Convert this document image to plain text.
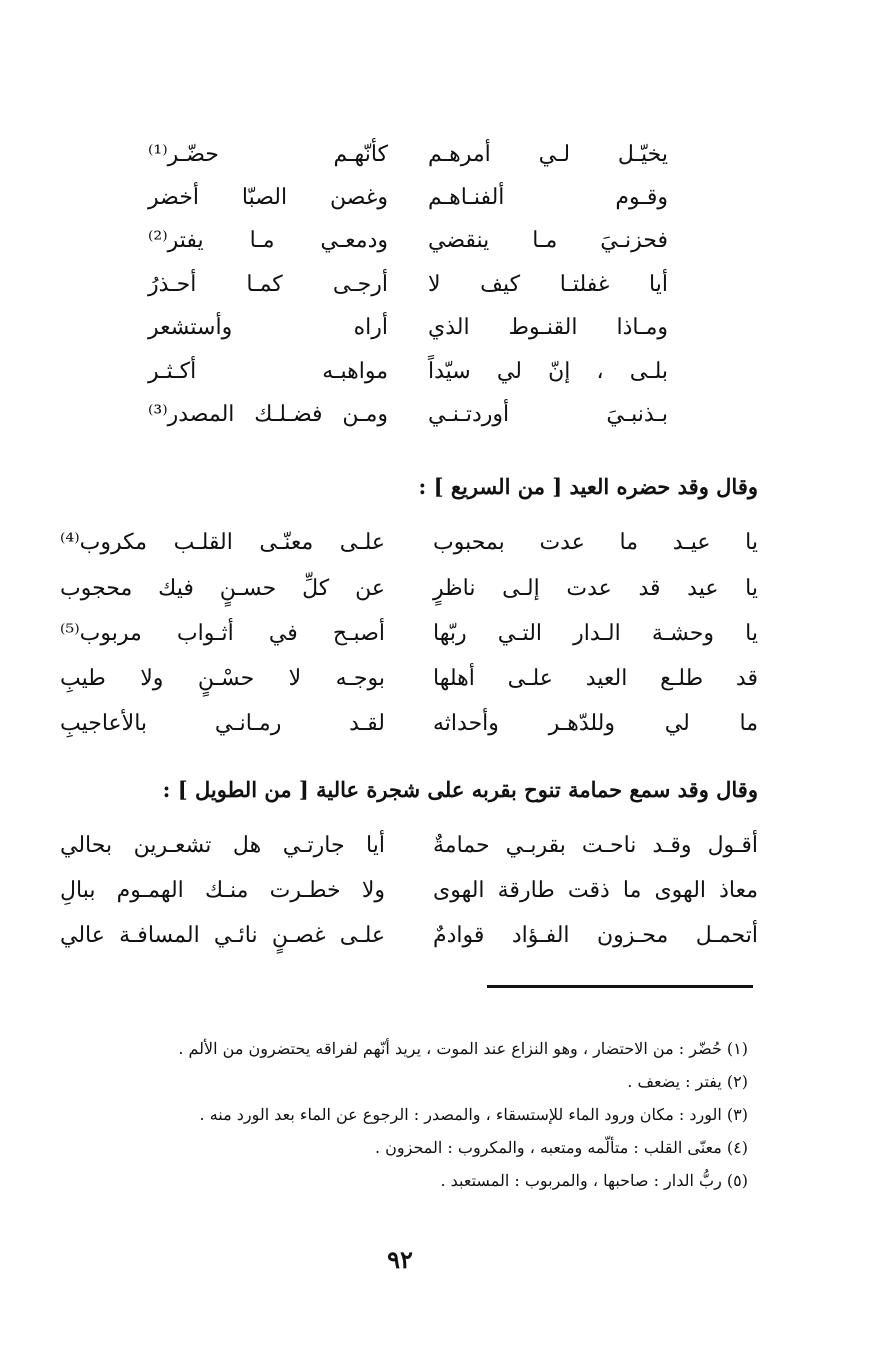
يخيّـل لـي أمرهـم
كأنّهـم حضّـر⁽¹⁾
وقـوم ألفنـاهـم
وغصن الصبّا أخضر
فحزنـيَ مـا ينقضي
ودمعـي مـا يفتر⁽²⁾
أيا غفلتـا كيف لا
أرجـى كمـا أحـذرُ
ومـاذا القنـوط الذي
أراه وأستشعر
بلـى ، إنّ لي سيّداً
مواهبـه أكـثـر
بـذنبـيَ أوردتـنـي
ومـن فضـلـك المصدر⁽³⁾
وقال وقد حضره العيد [ من السريع ] :
يا عيـد ما عدت بمحبوب
علـى معنّـى القلـب مكروب⁽⁴⁾
يا عيد قد عدت إلـى ناظرٍ
عن كلِّ حسـنٍ فيك محجوب
يا وحشـة الـدار التـي ربّها
أصبـح في أثـواب مربوب⁽⁵⁾
قد طلـع العيد علـى أهلها
بوجـه لا حسْـنٍ ولا طيبِ
ما لي وللدّهـر وأحداثه
لقـد رمـانـي بالأعاجيبِ
وقال وقد سمع حمامة تنوح بقربه على شجرة عالية [ من الطويل ] :
أقـول وقـد ناحـت بقربـي حمامةٌ
أيا جارتـي هل تشعـرين بحالي
معاذ الهوى ما ذقت طارقة الهوى
ولا خطـرت منـك الهمـوم ببالِ
أتحمـل محـزون الفـؤاد قوادمٌ
علـى غصـنٍ نائـي المسافـة عالي
(١) حُضّر : من الاحتضار ، وهو النزاع عند الموت ، يريد أنّهم لفراقه يحتضرون من الألم .
(٢) يفتر : يضعف .
(٣) الورد : مكان ورود الماء للإستسقاء ، والمصدر : الرجوع عن الماء بعد الورد منه .
(٤) معنّى القلب : متألّمه ومتعبه ، والمكروب : المحزون .
(٥) ربُّ الدار : صاحبها ، والمربوب : المستعبد .
٩٢
